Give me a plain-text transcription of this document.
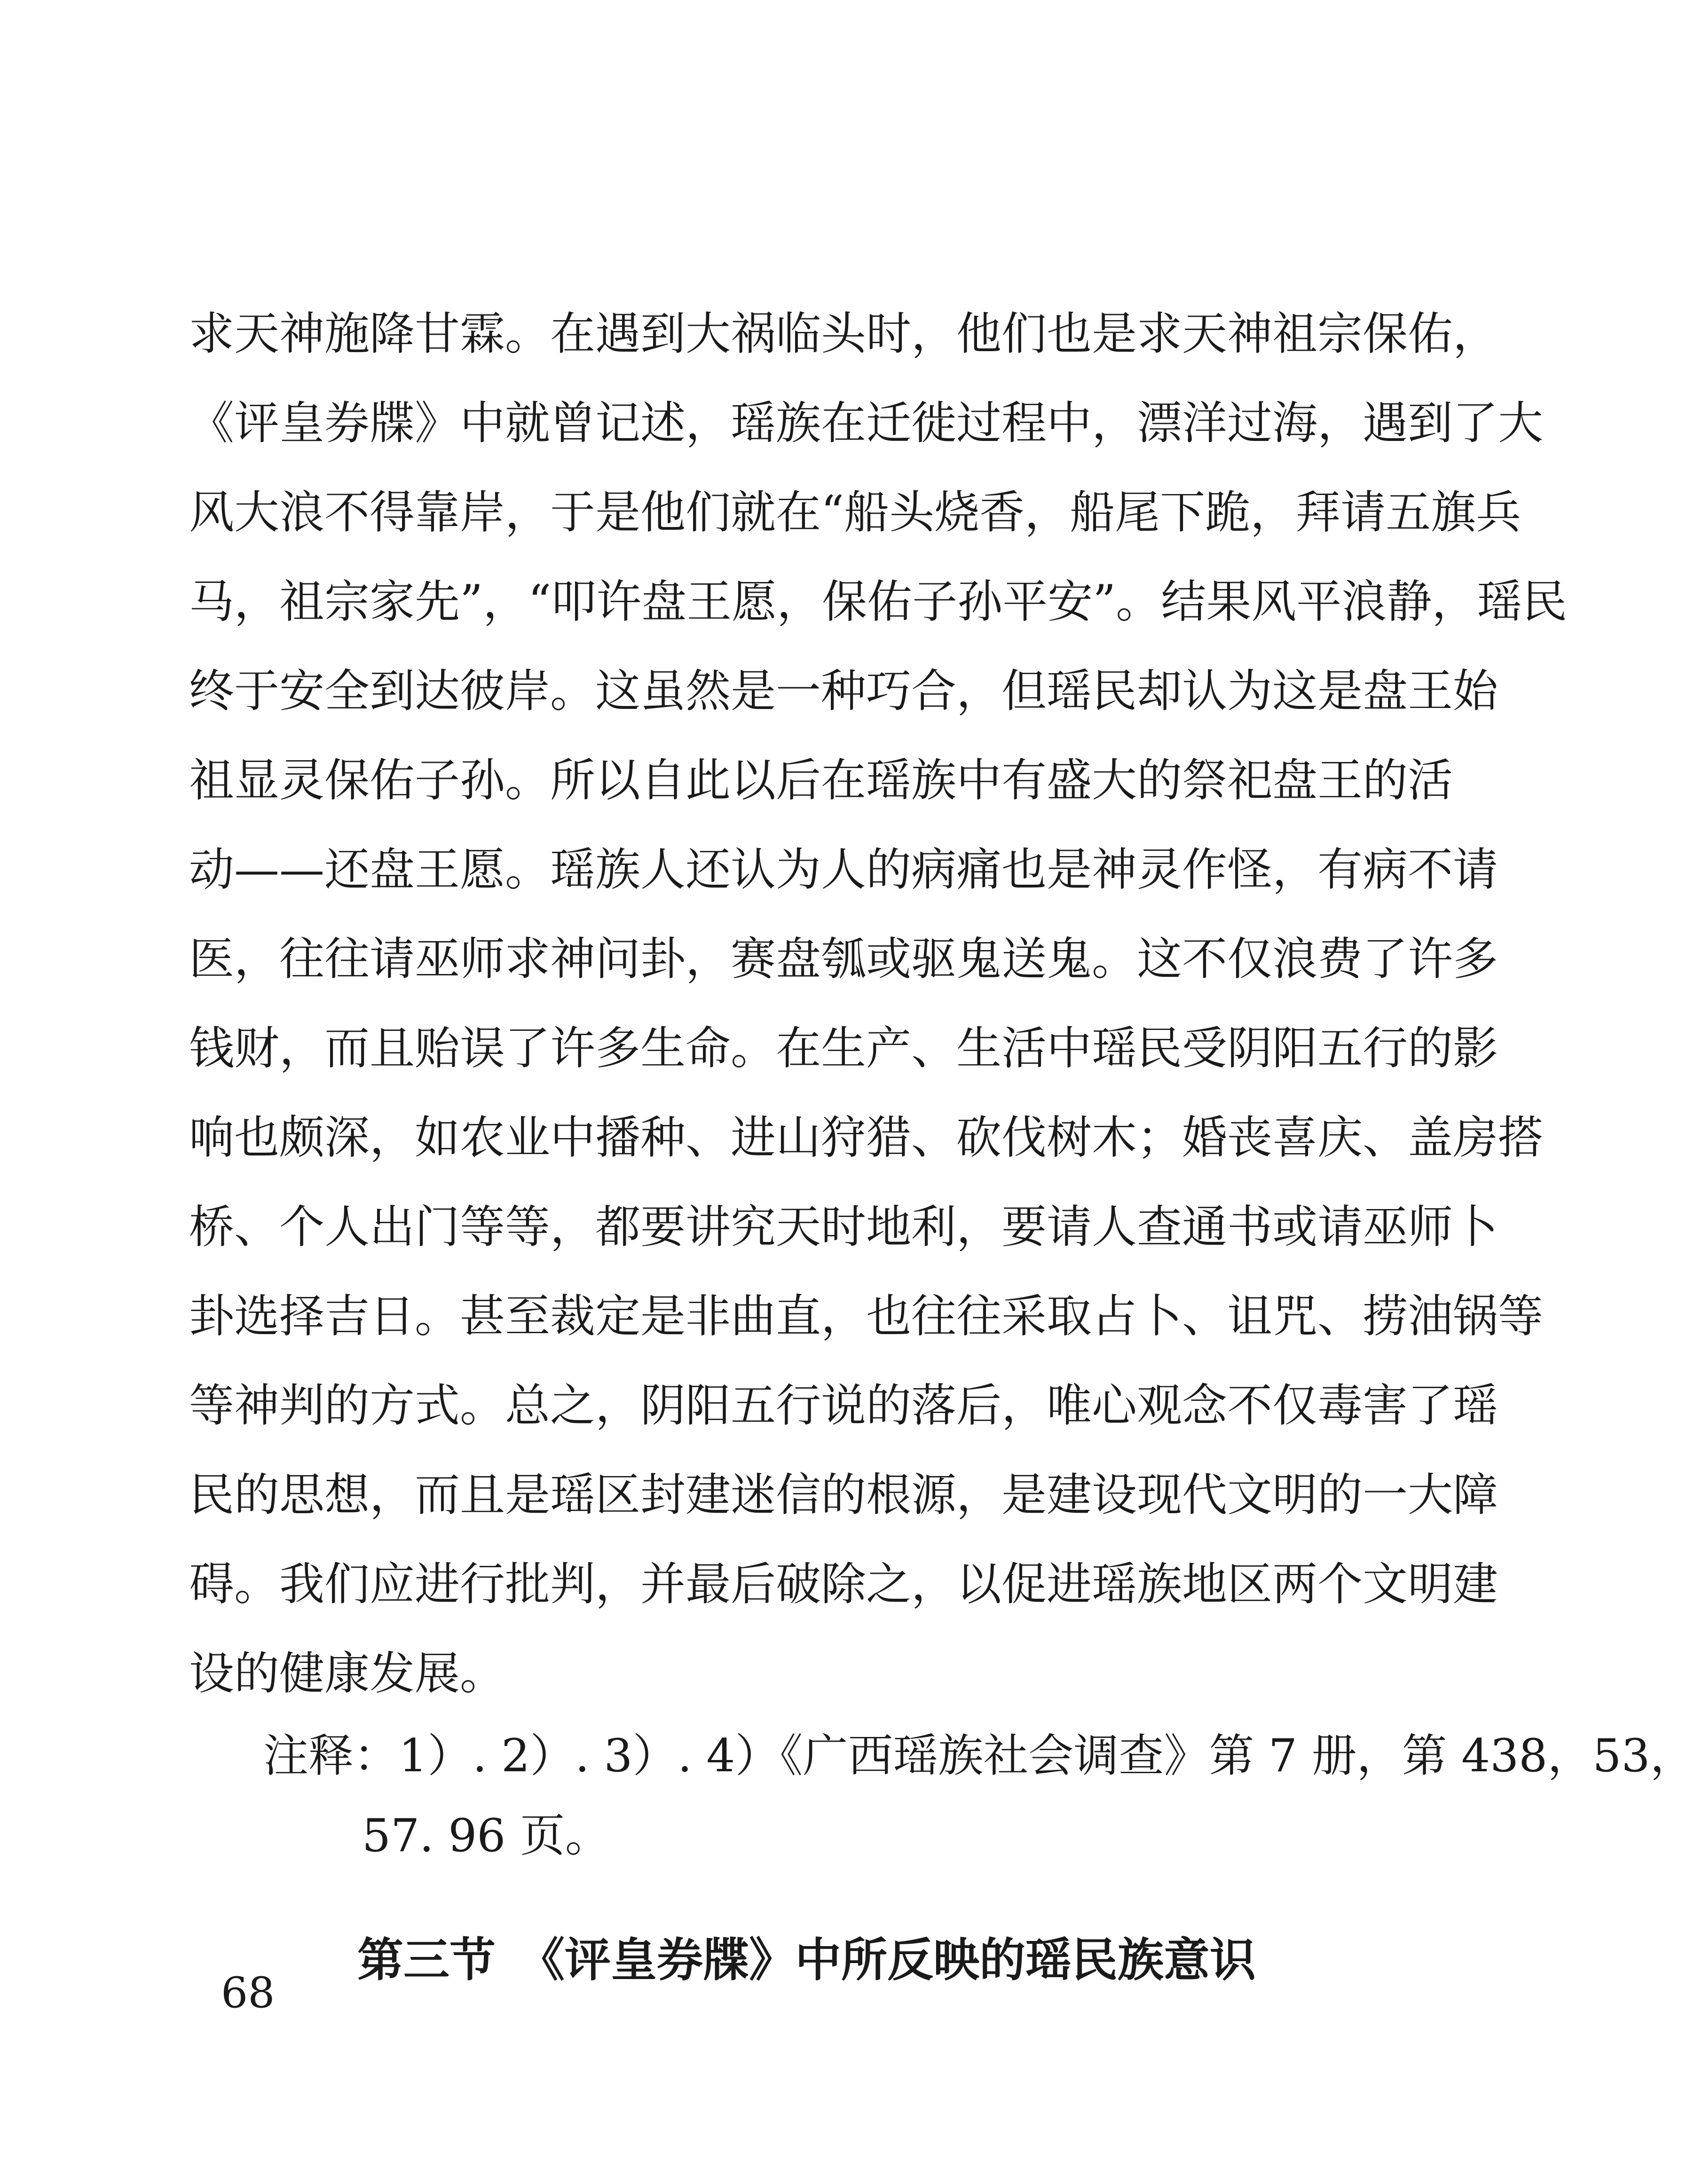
求天神施降甘霖。在遇到大祸临头时，他们也是求天神祖宗保佑，
《评皇券牒》中就曾记述，瑶族在迁徙过程中，漂洋过海，遇到了大
风大浪不得靠岸，于是他们就在“船头烧香，船尾下跪，拜请五旗兵
马，祖宗家先”，“叩许盘王愿，保佑子孙平安”。结果风平浪静，瑶民
终于安全到达彼岸。这虽然是一种巧合，但瑶民却认为这是盘王始
祖显灵保佑子孙。所以自此以后在瑶族中有盛大的祭祀盘王的活
动——还盘王愿。瑶族人还认为人的病痛也是神灵作怪，有病不请
医，往往请巫师求神问卦，赛盘瓠或驱鬼送鬼。这不仅浪费了许多
钱财，而且贻误了许多生命。在生产、生活中瑶民受阴阳五行的影
响也颇深，如农业中播种、进山狩猎、砍伐树木；婚丧喜庆、盖房搭
桥、个人出门等等，都要讲究天时地利，要请人查通书或请巫师卜
卦选择吉日。甚至裁定是非曲直，也往往采取占卜、诅咒、捞油锅等
等神判的方式。总之，阴阳五行说的落后，唯心观念不仅毒害了瑶
民的思想，而且是瑶区封建迷信的根源，是建设现代文明的一大障
碍。我们应进行批判，并最后破除之，以促进瑶族地区两个文明建
设的健康发展。
注释：1）. 2）. 3）. 4）《广西瑶族社会调查》第 7 册，第 438，53，
57. 96 页。
第三节　《评皇券牒》中所反映的瑶民族意识
68
